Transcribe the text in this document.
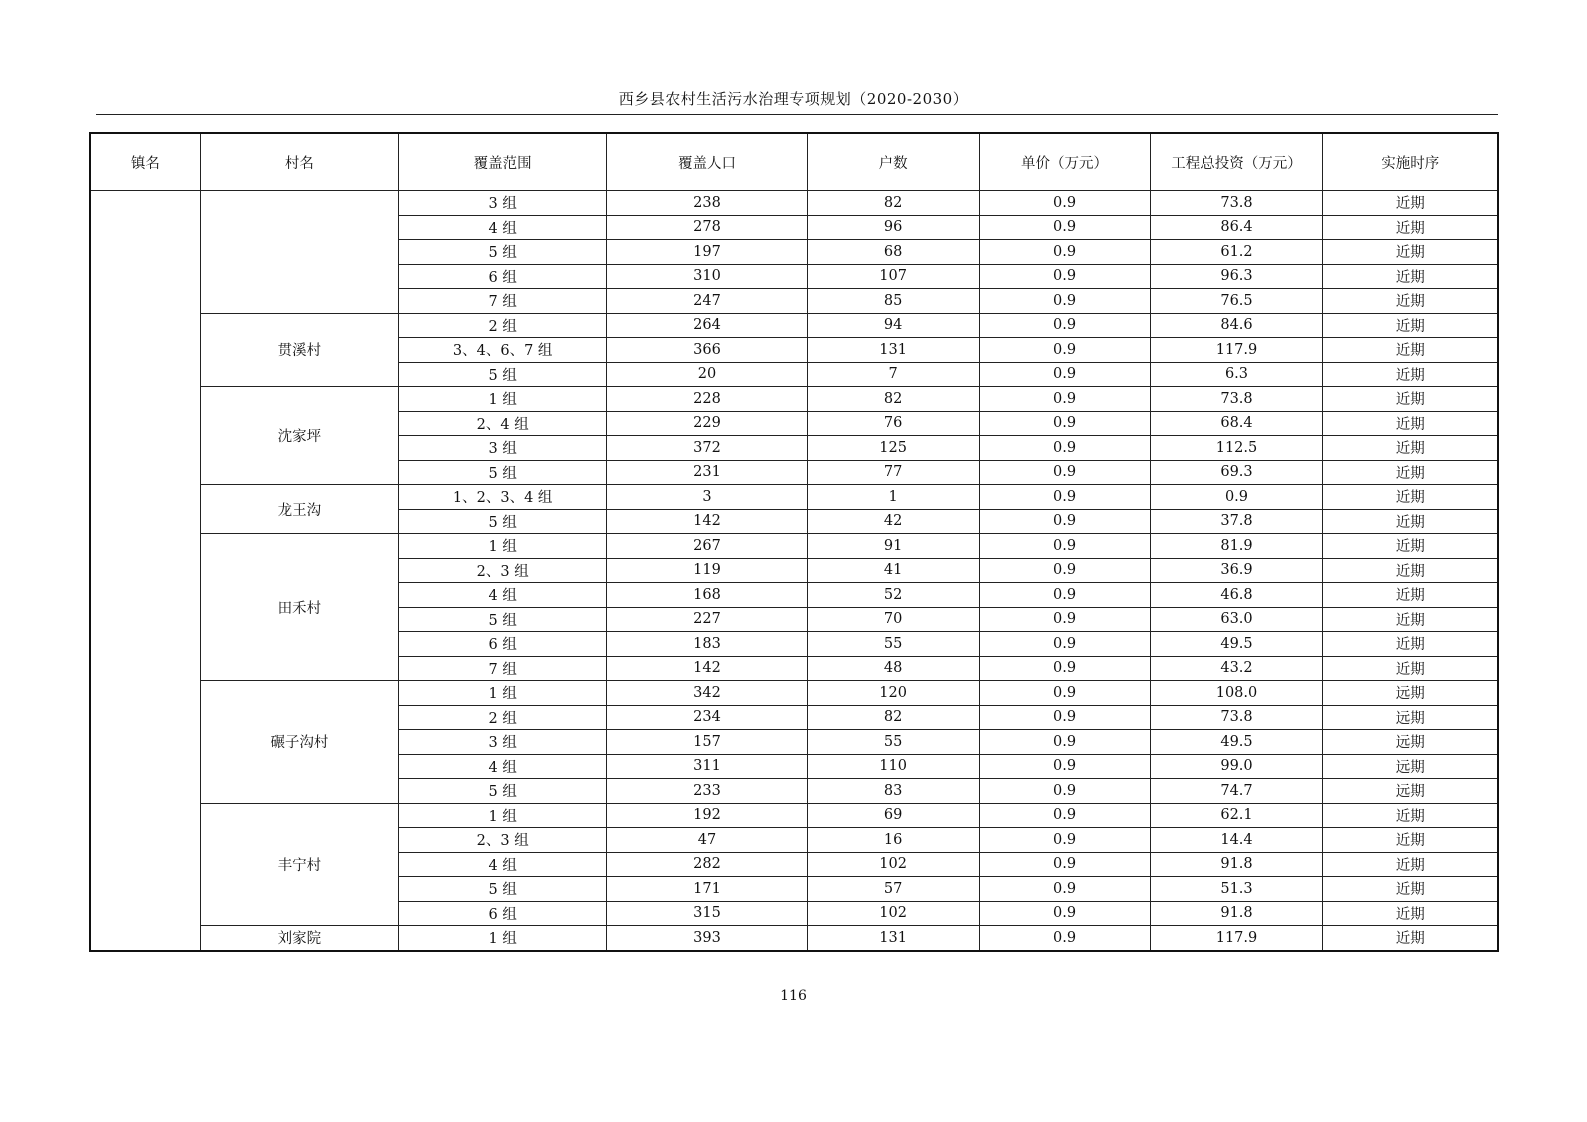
西乡县农村生活污水治理专项规划（2020-2030）
镇名	村名	覆盖范围	覆盖人口	户数	单价（万元）	工程总投资（万元）	实施时序
		3 组	238	82	0.9	73.8	近期
		4 组	278	96	0.9	86.4	近期
		5 组	197	68	0.9	61.2	近期
		6 组	310	107	0.9	96.3	近期
		7 组	247	85	0.9	76.5	近期
	贯溪村	2 组	264	94	0.9	84.6	近期
		3、4、6、7 组	366	131	0.9	117.9	近期
		5 组	20	7	0.9	6.3	近期
	沈家坪	1 组	228	82	0.9	73.8	近期
		2、4 组	229	76	0.9	68.4	近期
		3 组	372	125	0.9	112.5	近期
		5 组	231	77	0.9	69.3	近期
	龙王沟	1、2、3、4 组	3	1	0.9	0.9	近期
		5 组	142	42	0.9	37.8	近期
	田禾村	1 组	267	91	0.9	81.9	近期
		2、3 组	119	41	0.9	36.9	近期
		4 组	168	52	0.9	46.8	近期
		5 组	227	70	0.9	63.0	近期
		6 组	183	55	0.9	49.5	近期
		7 组	142	48	0.9	43.2	近期
	碾子沟村	1 组	342	120	0.9	108.0	远期
		2 组	234	82	0.9	73.8	远期
		3 组	157	55	0.9	49.5	远期
		4 组	311	110	0.9	99.0	远期
		5 组	233	83	0.9	74.7	远期
	丰宁村	1 组	192	69	0.9	62.1	近期
		2、3 组	47	16	0.9	14.4	近期
		4 组	282	102	0.9	91.8	近期
		5 组	171	57	0.9	51.3	近期
		6 组	315	102	0.9	91.8	近期
	刘家院	1 组	393	131	0.9	117.9	近期
116
